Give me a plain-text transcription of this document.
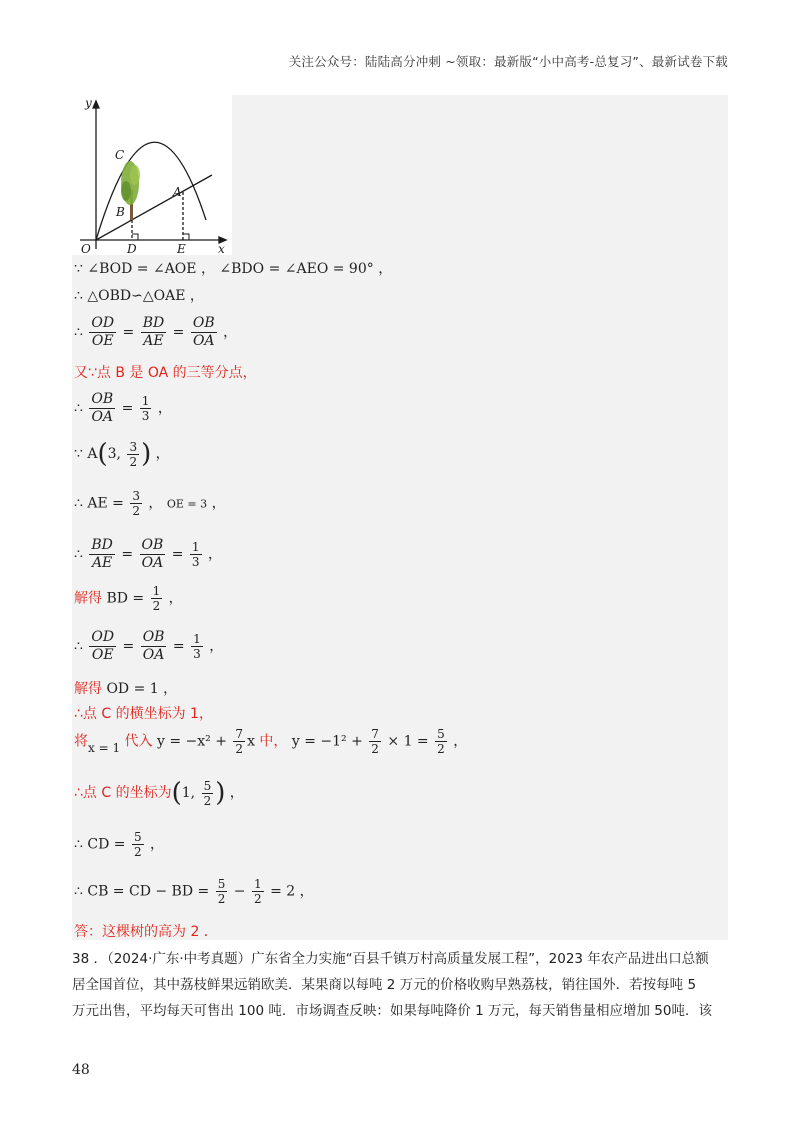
关注公众号：陆陆高分冲刺 ~领取：最新版“小中高考-总复习”、最新试卷下载
y
x
O
C
A
B
D	E
∵ ∠BOD = ∠AOE ， ∠BDO = ∠AEO = 90° ，
∴ △OBD∽△OAE ，
∴ $\frac{OD}{OE} = \frac{BD}{AE} = \frac{OB}{OA}$ ，
又∵点 B 是 OA 的三等分点，
∴ $\frac{OB}{OA} = \frac{1}{3}$ ，
∵ A(3, $\frac{3}{2}$ ) ，
∴ AE = $\frac{3}{2}$ ， OE = 3 ，
∴ $\frac{BD}{AE} = \frac{OB}{OA} = \frac{1}{3}$ ，
解得 BD = $\frac{1}{2}$ ，
∴ $\frac{OD}{OE} = \frac{OB}{OA} = \frac{1}{3}$ ，
解得 OD = 1 ，
∴点 C 的横坐标为 1，
将x = 1 代入 $y = -x^2 + \frac{7}{2}$ x 中， $y = -1^2 + \frac{7}{2} \times 1 = \frac{5}{2}$ ，
∴点 C 的坐标为(1, $\frac{5}{2}$ ) ，
∴ CD = $\frac{5}{2}$ ，
∴ CB = CD − BD = $\frac{5}{2} - \frac{1}{2} = 2$ ，
答：这棵树的高为 2 ．
38 ．（2024·广东·中考真题）广东省全力实施“百县千镇万村高质量发展工程”，2023 年农产品进出口总额
居全国首位，其中荔枝鲜果远销欧美．某果商以每吨 2 万元的价格收购早熟荔枝，销往国外．若按每吨 5
万元出售，平均每天可售出 100 吨．市场调查反映：如果每吨降价 1 万元，每天销售量相应增加 50吨．该
48
